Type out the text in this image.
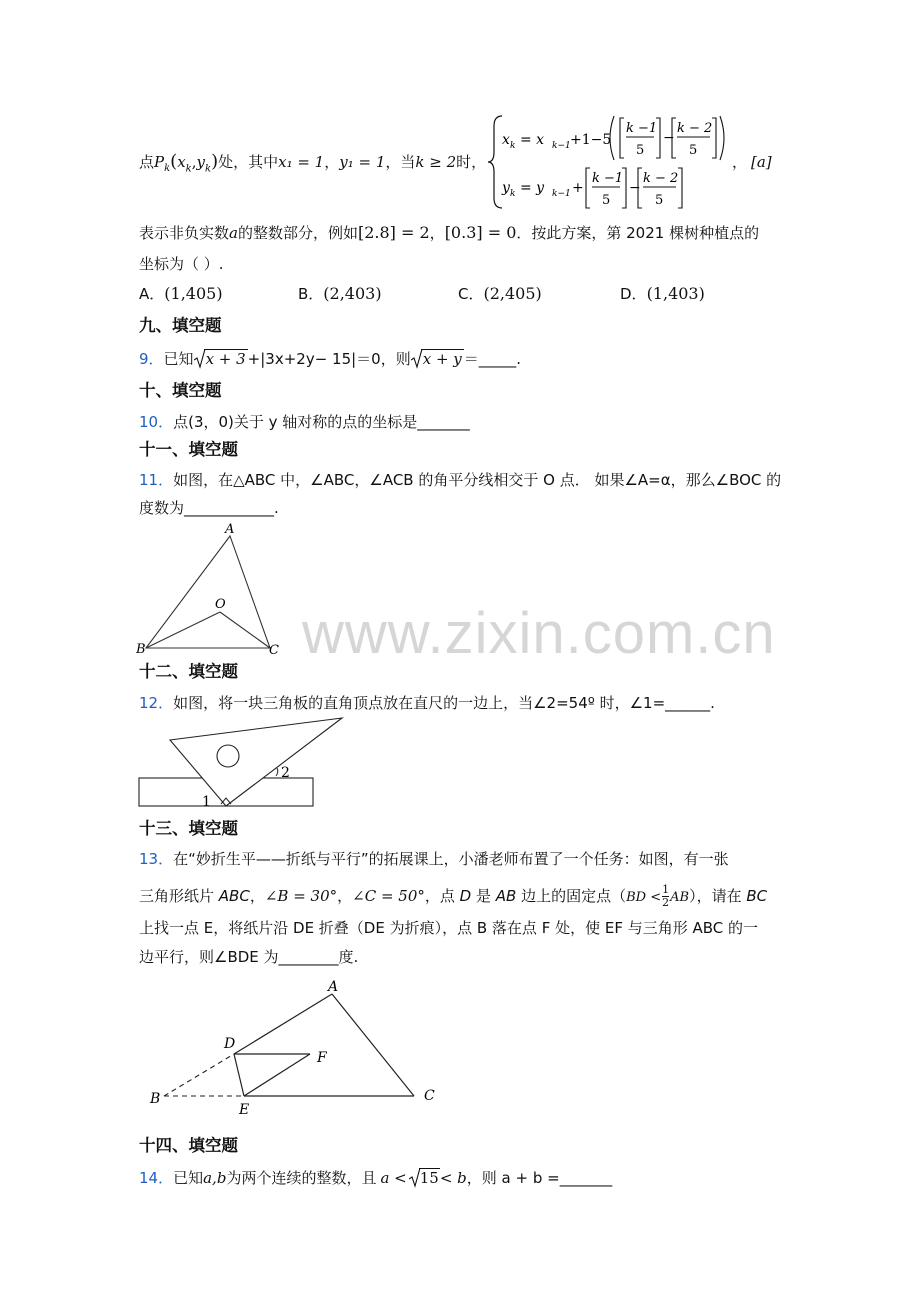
www.zixin.com.cn
点$P_k(x_k,y_k)$处，其中x₁ = 1，y₁ = 1，当k ≥ 2时，
x k = x k−1 +1−5
k −1
5
−
k − 2
5
y k = y k−1 +
k −1
5
−
k − 2
5
， [a]
表示非负实数a的整数部分，例如[2.8] = 2，[0.3] = 0．按此方案，第 2021 棵树种植点的
坐标为（ ）.
A．(1,405)	B．(2,403)	C．(2,405)	D．(1,403)
九、填空题
9．已知 x + 3 +|3x+2y− 15|＝0，则 x + y ＝_____.
十、填空题
10．点(3，0)关于 y 轴对称的点的坐标是_______
十一、填空题
11．如图，在△ABC 中，∠ABC，∠ACB 的角平分线相交于 O 点． 如果∠A=α，那么∠BOC 的
度数为____________.
A
B	C
O
十二、填空题
12．如图，将一块三角板的直角顶点放在直尺的一边上，当∠2=54º 时，∠1=______.
1
2
十三、填空题
13．在“妙折生平——折纸与平行”的拓展课上，小潘老师布置了一个任务：如图，有一张
三角形纸片 ABC，∠B = 30°，∠C = 50°，点 D 是 AB 边上的固定点$(BD < \frac{1}{2} AB)$，请在 BC
上找一点 E，将纸片沿 DE 折叠（DE 为折痕），点 B 落在点 F 处，使 EF 与三角形 ABC 的一
边平行，则∠BDE 为________度.
A
B	C
D
E
F
十四、填空题
14．已知a,b为两个连续的整数，且 a < 15< b，则 a + b =_______
